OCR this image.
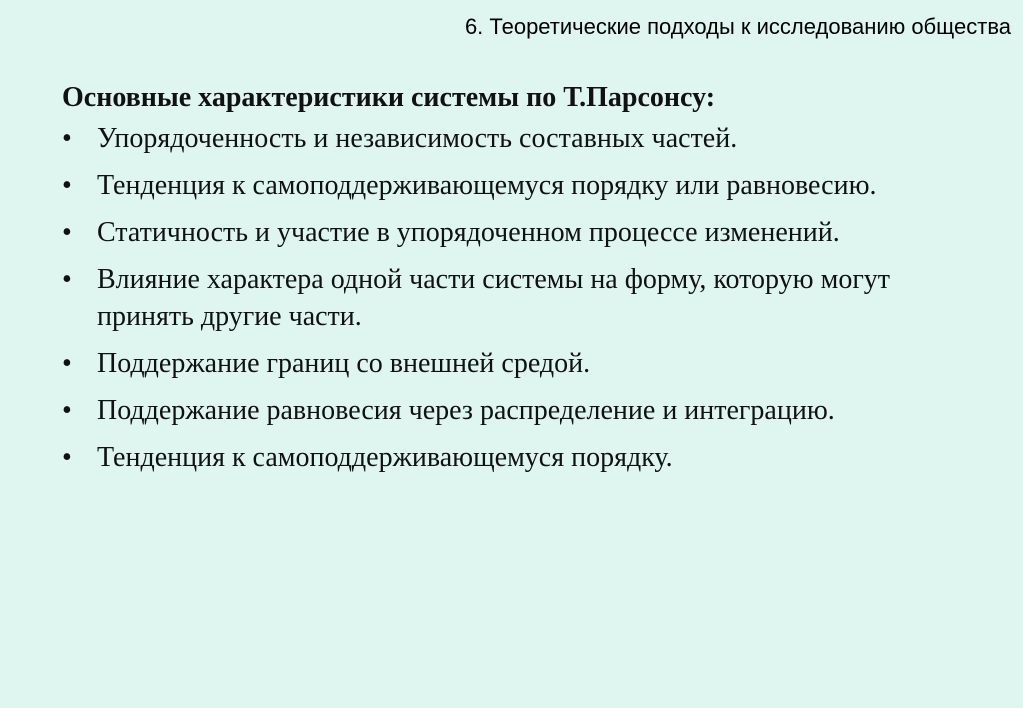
6. Теоретические подходы к исследованию общества
Основные характеристики системы по Т.Парсонсу:
• Упорядоченность и независимость составных частей.
• Тенденция к самоподдерживающемуся порядку или равновесию.
• Статичность и участие в упорядоченном процессе изменений.
• Влияние характера одной части системы на форму, которую могут принять другие части.
• Поддержание границ со внешней средой.
• Поддержание равновесия через распределение и интеграцию.
• Тенденция к самоподдерживающемуся порядку.
